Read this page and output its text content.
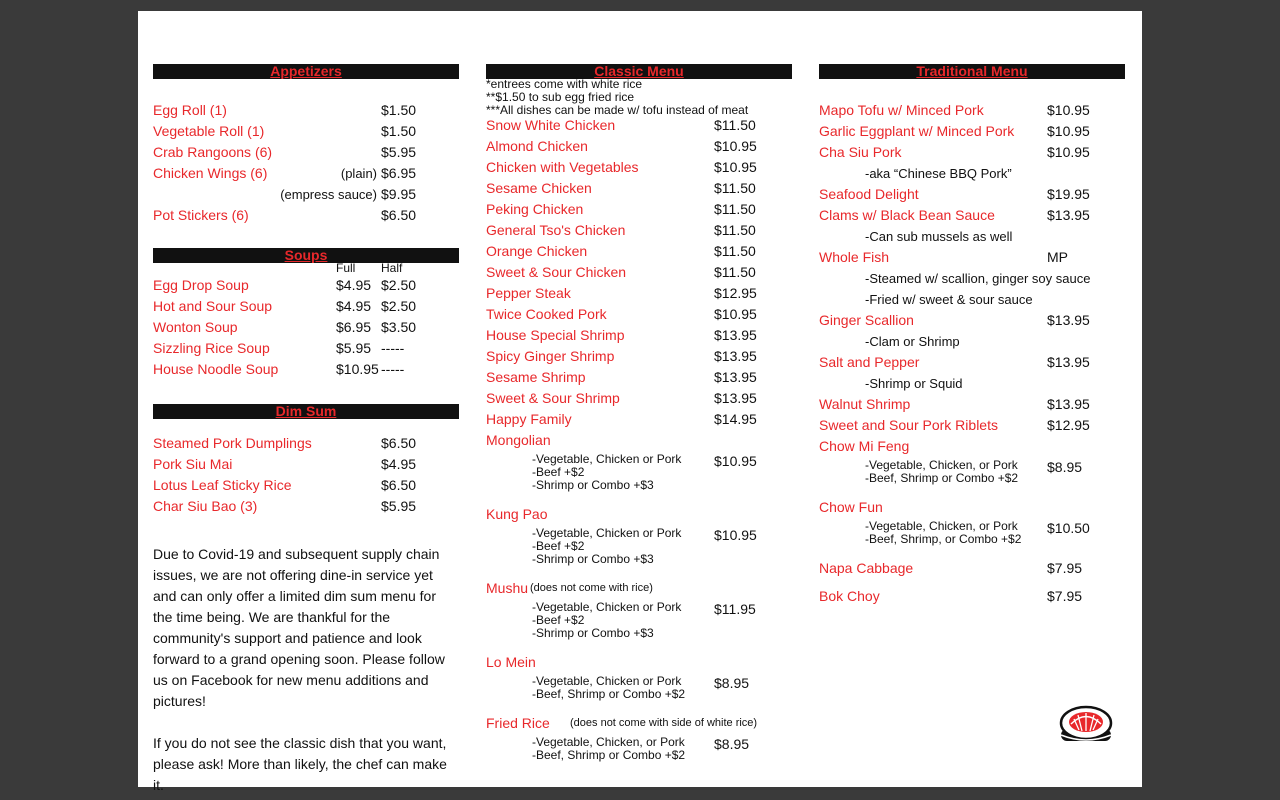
Appetizers
Egg Roll (1)	$1.50
Vegetable Roll (1)	$1.50
Crab Rangoons (6)	$5.95
Chicken Wings (6)	(plain) $6.95
(empress sauce) $9.95
Pot Stickers (6)	$6.50
Soups
Full Half
Egg Drop Soup	$4.95 $2.50
Hot and Sour Soup	$4.95 $2.50
Wonton Soup	$6.95 $3.50
Sizzling Rice Soup	$5.95 -----
House Noodle Soup	$10.95 -----
Dim Sum
Steamed Pork Dumplings	$6.50
Pork Siu Mai	$4.95
Lotus Leaf Sticky Rice	$6.50
Char Siu Bao (3)	$5.95
Due to Covid-19 and subsequent supply chain issues, we are not offering dine-in service yet and can only offer a limited dim sum menu for the time being. We are thankful for the community's support and patience and look forward to a grand opening soon. Please follow us on Facebook for new menu additions and pictures!
If you do not see the classic dish that you want, please ask! More than likely, the chef can make it.
Classic Menu
*entrees come with white rice
**$1.50 to sub egg fried rice
***All dishes can be made w/ tofu instead of meat
Snow White Chicken	$11.50
Almond Chicken	$10.95
Chicken with Vegetables	$10.95
Sesame Chicken	$11.50
Peking Chicken	$11.50
General Tso's Chicken	$11.50
Orange Chicken	$11.50
Sweet & Sour Chicken	$11.50
Pepper Steak	$12.95
Twice Cooked Pork	$10.95
House Special Shrimp	$13.95
Spicy Ginger Shrimp	$13.95
Sesame Shrimp	$13.95
Sweet & Sour Shrimp	$13.95
Happy Family	$14.95
Mongolian
-Vegetable, Chicken or Pork
-Beef +$2
-Shrimp or Combo +$3
$10.95
Kung Pao
-Vegetable, Chicken or Pork
-Beef +$2
-Shrimp or Combo +$3
$10.95
Mushu (does not come with rice)
-Vegetable, Chicken or Pork
-Beef +$2
-Shrimp or Combo +$3
$11.95
Lo Mein
-Vegetable, Chicken or Pork
-Beef, Shrimp or Combo +$2
$8.95
Fried Rice (does not come with side of white rice)
-Vegetable, Chicken, or Pork
-Beef, Shrimp or Combo +$2
$8.95
Traditional Menu
Mapo Tofu w/ Minced Pork	$10.95
Garlic Eggplant w/ Minced Pork $10.95
Cha Siu Pork	$10.95
-aka “Chinese BBQ Pork”
Seafood Delight	$19.95
Clams w/ Black Bean Sauce	$13.95
-Can sub mussels as well
Whole Fish	MP
-Steamed w/ scallion, ginger soy sauce
-Fried w/ sweet & sour sauce
Ginger Scallion	$13.95
-Clam or Shrimp
Salt and Pepper	$13.95
-Shrimp or Squid
Walnut Shrimp	$13.95
Sweet and Sour Pork Riblets	$12.95
Chow Mi Feng
-Vegetable, Chicken, or Pork
-Beef, Shrimp or Combo +$2
$8.95
Chow Fun
-Vegetable, Chicken, or Pork
-Beef, Shrimp, or Combo +$2
$10.50
Napa Cabbage	$7.95
Bok Choy	$7.95
